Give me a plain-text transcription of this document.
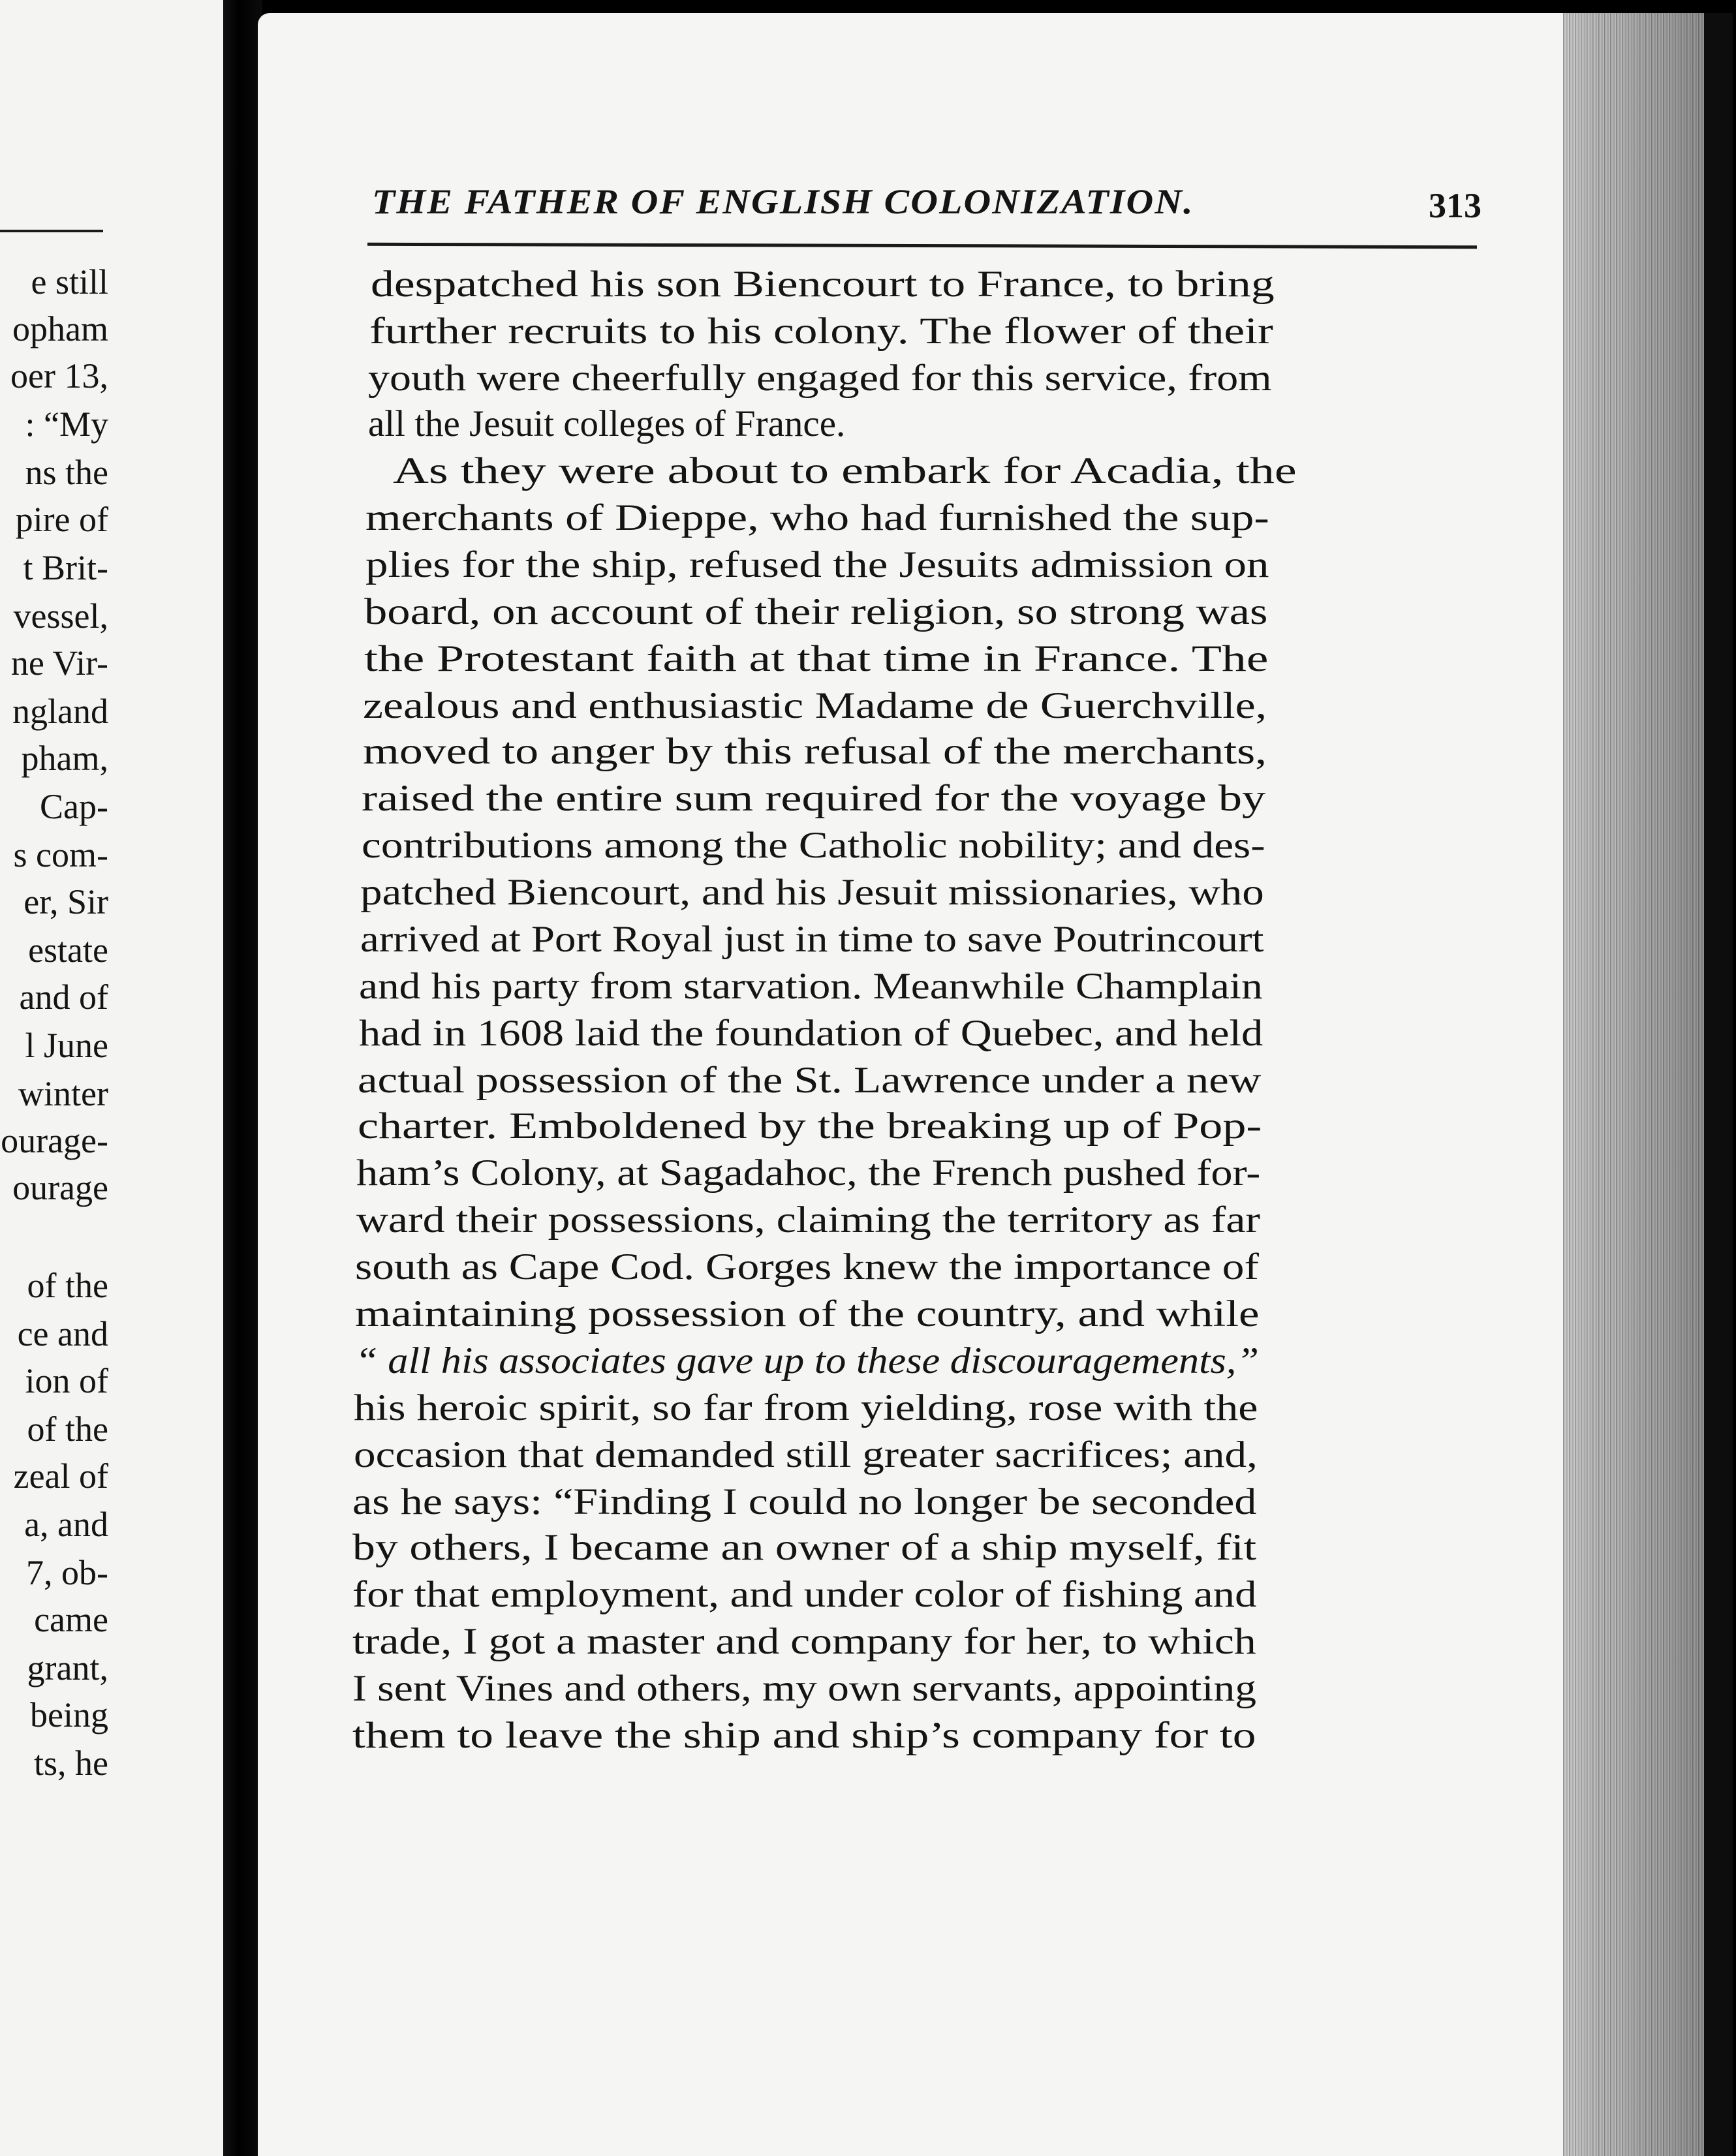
e still
opham
oer 13,
: “My
ns the
pire of
t Brit-
vessel,
ne Vir-
ngland
pham,
Cap-
s com-
er, Sir
estate
and of
l June
winter
ourage-
ourage
of the
ce and
ion of
of the
zeal of
a, and
7, ob-
came
grant,
being
ts, he
THE FATHER OF ENGLISH COLONIZATION.	313
despatched his son Biencourt to France, to bring
further recruits to his colony. The flower of their
youth were cheerfully engaged for this service, from
all the Jesuit colleges of France.
As they were about to embark for Acadia, the
merchants of Dieppe, who had furnished the sup-
plies for the ship, refused the Jesuits admission on
board, on account of their religion, so strong was
the Protestant faith at that time in France. The
zealous and enthusiastic Madame de Guerchville,
moved to anger by this refusal of the merchants,
raised the entire sum required for the voyage by
contributions among the Catholic nobility; and des-
patched Biencourt, and his Jesuit missionaries, who
arrived at Port Royal just in time to save Poutrincourt
and his party from starvation. Meanwhile Champlain
had in 1608 laid the foundation of Quebec, and held
actual possession of the St. Lawrence under a new
charter. Emboldened by the breaking up of Pop-
ham’s Colony, at Sagadahoc, the French pushed for-
ward their possessions, claiming the territory as far
south as Cape Cod. Gorges knew the importance of
maintaining possession of the country, and while
“ all his associates gave up to these discouragements,”
his heroic spirit, so far from yielding, rose with the
occasion that demanded still greater sacrifices; and,
as he says: “Finding I could no longer be seconded
by others, I became an owner of a ship myself, fit
for that employment, and under color of fishing and
trade, I got a master and company for her, to which
I sent Vines and others, my own servants, appointing
them to leave the ship and ship’s company for to
